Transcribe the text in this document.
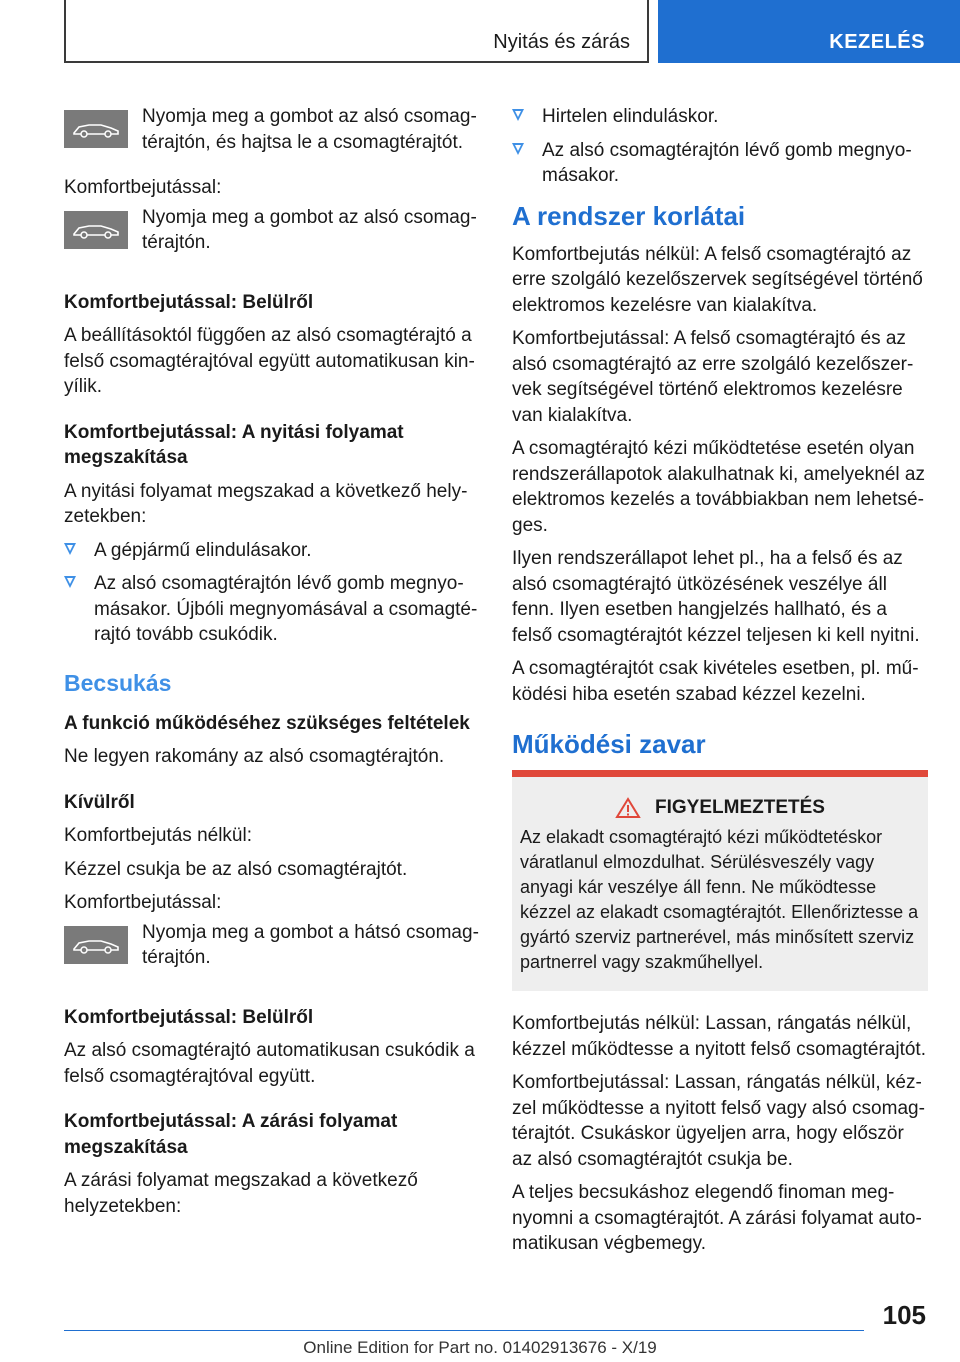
Nyitás és zárás	KEZELÉS

Nyomja meg a gombot az alsó csomagtérajtón, és hajtsa le a csomagtérajtót.

Komfortbejutással:

Nyomja meg a gombot az alsó csomagtérajtón.

Komfortbejutással: Belülről

A beállításoktól függően az alsó csomagtérajtó a felső csomagtérajtóval együtt automatikusan kinyílik.

Komfortbejutással: A nyitási folyamat megszakítása

A nyitási folyamat megszakad a következő helyzetekben:

A gépjármű elindulásakor.
Az alsó csomagtérajtón lévő gomb megnyomásakor. Újbóli megnyomásával a csomagtérajtó tovább csukódik.
Becsukás

A funkció működéséhez szükséges feltételek

Ne legyen rakomány az alsó csomagtérajtón.

Kívülről

Komfortbejutás nélkül:

Kézzel csukja be az alsó csomagtérajtót.

Komfortbejutással:

Nyomja meg a gombot a hátsó csomagtérajtón.

Komfortbejutással: Belülről

Az alsó csomagtérajtó automatikusan csukódik a felső csomagtérajtóval együtt.

Komfortbejutással: A zárási folyamat megszakítása

A zárási folyamat megszakad a következő helyzetekben:

Hirtelen elinduláskor.
Az alsó csomagtérajtón lévő gomb megnyomásakor.
A rendszer korlátai

Komfortbejutás nélkül: A felső csomagtérajtó az erre szolgáló kezelőszervek segítségével történő elektromos kezelésre van kialakítva.

Komfortbejutással: A felső csomagtérajtó és az alsó csomagtérajtó az erre szolgáló kezelőszervek segítségével történő elektromos kezelésre van kialakítva.

A csomagtérajtó kézi működtetése esetén olyan rendszerállapotok alakulhatnak ki, amelyeknél az elektromos kezelés a továbbiakban nem lehetséges.

Ilyen rendszerállapot lehet pl., ha a felső és az alsó csomagtérajtó ütközésének veszélye áll fenn. Ilyen esetben hangjelzés hallható, és a felső csomagtérajtót kézzel teljesen ki kell nyitni.

A csomagtérajtót csak kivételes esetben, pl. működési hiba esetén szabad kézzel kezelni.

Működési zavar
FIGYELMEZTETÉS

Az elakadt csomagtérajtó kézi működtetéskor váratlanul elmozdulhat. Sérülésveszély vagy anyagi kár veszélye áll fenn. Ne működtesse kézzel az elakadt csomagtérajtót. Ellenőriztesse a gyártó szerviz partnerével, más minősített szerviz partnerrel vagy szakműhellyel.

Komfortbejutás nélkül: Lassan, rángatás nélkül, kézzel működtesse a nyitott felső csomagtérajtót.

Komfortbejutással: Lassan, rángatás nélkül, kézzel működtesse a nyitott felső vagy alsó csomagtérajtót. Csukáskor ügyeljen arra, hogy először az alsó csomagtérajtót csukja be.

A teljes becsukáshoz elegendő finoman megnyomni a csomagtérajtót. A zárási folyamat automatikusan végbemegy.

105
Online Edition for Part no. 01402913676 - X/19
